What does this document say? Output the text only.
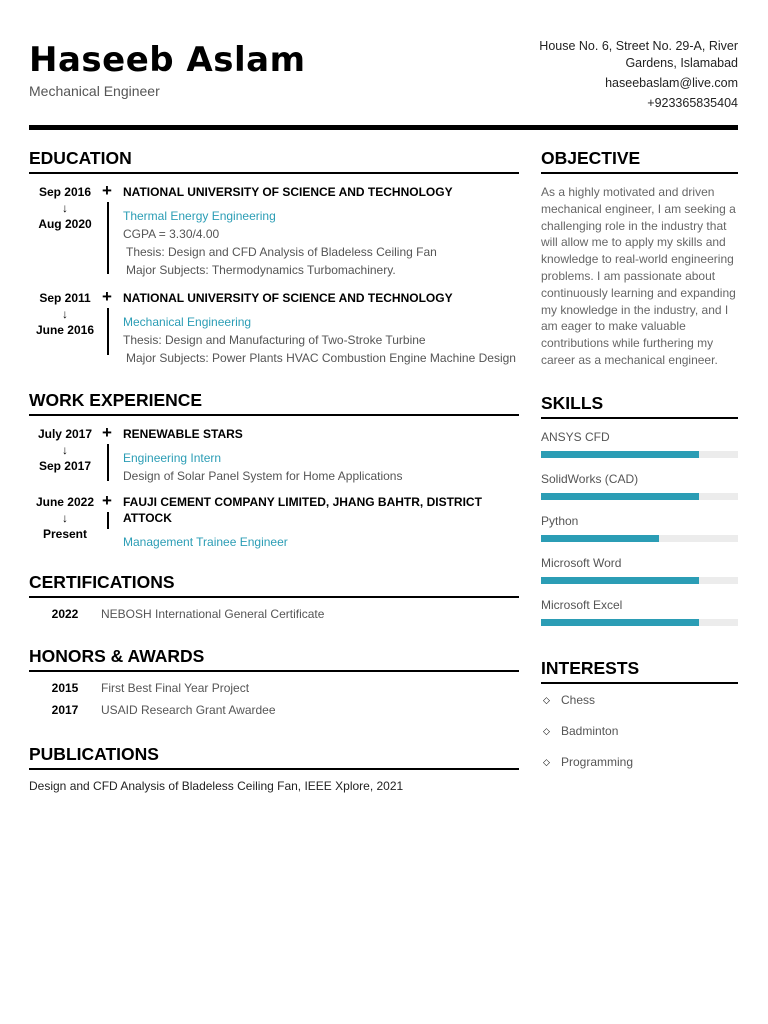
Haseeb Aslam
Mechanical Engineer
House No. 6, Street No. 29-A, River Gardens, Islamabad
haseebaslam@live.com
+923365835404
EDUCATION
Sep 2016
↓
Aug 2020
+ NATIONAL UNIVERSITY OF SCIENCE AND TECHNOLOGY
Thermal Energy Engineering
CGPA = 3.30/4.00
Thesis: Design and CFD Analysis of Bladeless Ceiling Fan
Major Subjects: Thermodynamics Turbomachinery.
Sep 2011
↓
June 2016
+ NATIONAL UNIVERSITY OF SCIENCE AND TECHNOLOGY
Mechanical Engineering
Thesis: Design and Manufacturing of Two-Stroke Turbine
Major Subjects: Power Plants HVAC Combustion Engine Machine Design
WORK EXPERIENCE
July 2017
↓
Sep 2017
+ RENEWABLE STARS
Engineering Intern
Design of Solar Panel System for Home Applications
June 2022
↓
Present
+ FAUJI CEMENT COMPANY LIMITED, JHANG BAHTR, DISTRICT ATTOCK
Management Trainee Engineer
CERTIFICATIONS
2022	NEBOSH International General Certificate
HONORS & AWARDS
2015	First Best Final Year Project
2017	USAID Research Grant Awardee
PUBLICATIONS
Design and CFD Analysis of Bladeless Ceiling Fan, IEEE Xplore, 2021
OBJECTIVE
As a highly motivated and driven mechanical engineer, I am seeking a challenging role in the industry that will allow me to apply my skills and knowledge to real-world engineering problems. I am passionate about continuously learning and expanding my knowledge in the industry, and I am eager to make valuable contributions while furthering my career as a mechanical engineer.
SKILLS
ANSYS CFD
SolidWorks (CAD)
Python
Microsoft Word
Microsoft Excel
INTERESTS
◇ Chess
◇ Badminton
◇ Programming
